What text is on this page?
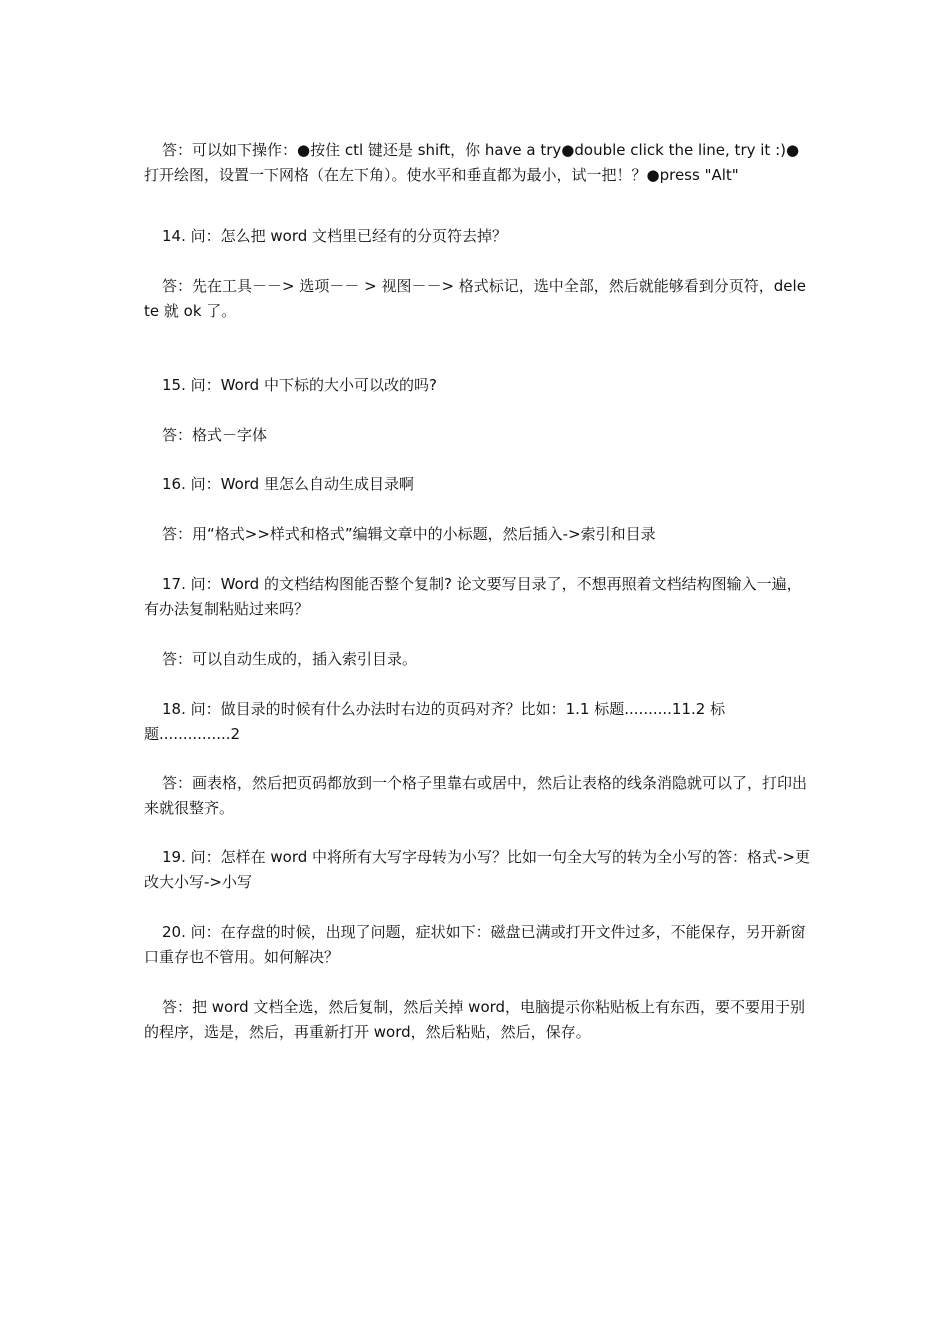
答：可以如下操作：●按住 ctl 键还是 shift，你 have a try●double click the line, try it :)●打开绘图，设置一下网格（在左下角）。使水平和垂直都为最小，试一把！？●press "Alt"

14. 问：怎么把 word 文档里已经有的分页符去掉？

答：先在工具－－> 选项－－ > 视图－－> 格式标记，选中全部，然后就能够看到分页符，delete 就 ok 了。

15. 问：Word 中下标的大小可以改的吗?

答：格式－字体

16. 问：Word 里怎么自动生成目录啊

答：用“格式>>样式和格式”编辑文章中的小标题，然后插入->索引和目录

17. 问：Word 的文档结构图能否整个复制? 论文要写目录了，不想再照着文档结构图输入一遍，有办法复制粘贴过来吗？

答：可以自动生成的，插入索引目录。

18. 问：做目录的时候有什么办法时右边的页码对齐？比如：1.1 标题..........11.2 标题...............2

答：画表格，然后把页码都放到一个格子里靠右或居中，然后让表格的线条消隐就可以了，打印出来就很整齐。

19. 问：怎样在 word 中将所有大写字母转为小写？比如一句全大写的转为全小写的答：格式->更改大小写->小写

20. 问：在存盘的时候，出现了问题，症状如下：磁盘已满或打开文件过多，不能保存，另开新窗口重存也不管用。如何解决？

答：把 word 文档全选，然后复制，然后关掉 word，电脑提示你粘贴板上有东西，要不要用于别的程序，选是，然后，再重新打开 word，然后粘贴，然后，保存。
